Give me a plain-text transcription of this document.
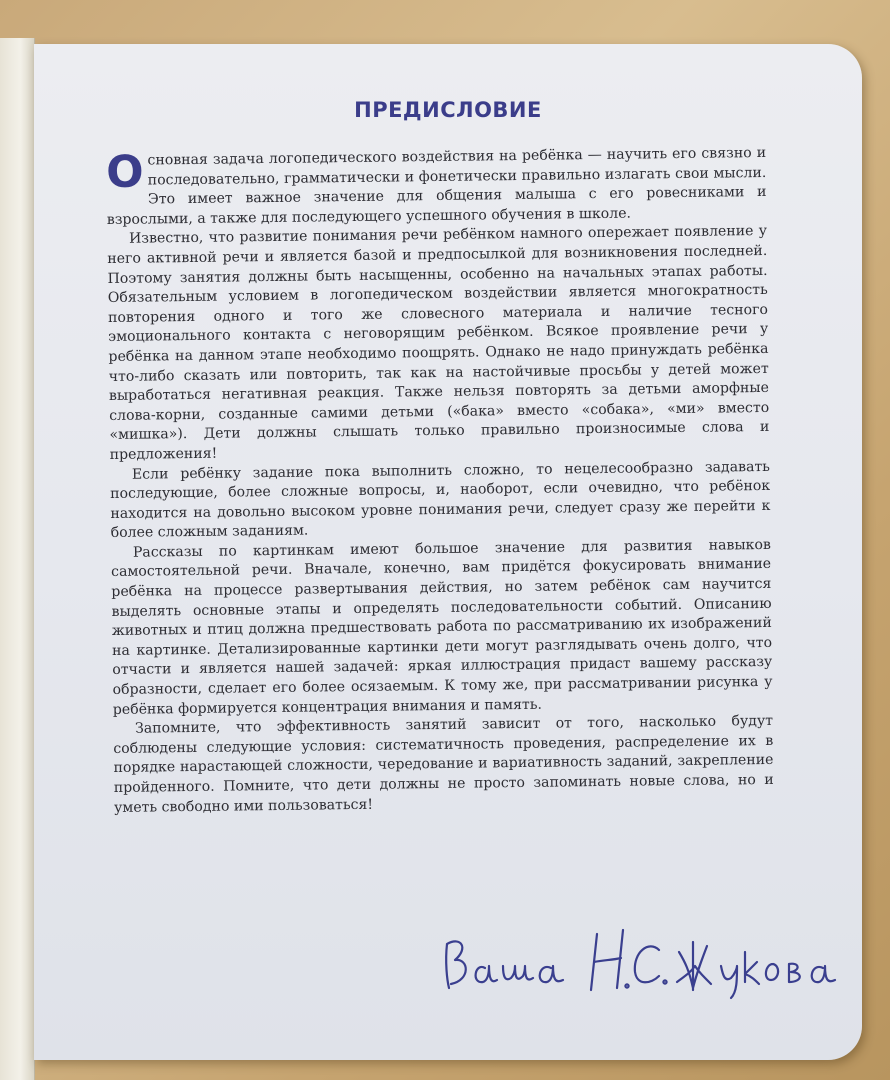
ПРЕДИСЛОВИЕ

Основная задача логопедического воздействия на ребёнка — научить его связно и последовательно, грамматически и фонетически правильно излагать свои мысли. Это имеет важное значение для общения малыша с его ровесниками и взрослыми, а также для последующего успешного обучения в школе.

Известно, что развитие понимания речи ребёнком намного опережает появление у него активной речи и является базой и предпосылкой для возникновения последней. Поэтому занятия должны быть насыщенны, особенно на начальных этапах работы. Обязательным условием в логопедическом воздействии является многократность повторения одного и того же словесного материала и наличие тесного эмоционального контакта с неговорящим ребёнком. Всякое проявление речи у ребёнка на данном этапе необходимо поощрять. Однако не надо принуждать ребёнка что-либо сказать или повторить, так как на настойчивые просьбы у детей может выработаться негативная реакция. Также нельзя повторять за детьми аморфные слова-корни, созданные самими детьми («бака» вместо «собака», «ми» вместо «мишка»). Дети должны слышать только правильно произносимые слова и предложения!

Если ребёнку задание пока выполнить сложно, то нецелесообразно задавать последующие, более сложные вопросы, и, наоборот, если очевидно, что ребёнок находится на довольно высоком уровне понимания речи, следует сразу же перейти к более сложным заданиям.

Рассказы по картинкам имеют большое значение для развития навыков самостоятельной речи. Вначале, конечно, вам придётся фокусировать внимание ребёнка на процессе развертывания действия, но затем ребёнок сам научится выделять основные этапы и определять последовательности событий. Описанию животных и птиц должна предшествовать работа по рассматриванию их изображений на картинке. Детализированные картинки дети могут разглядывать очень долго, что отчасти и является нашей задачей: яркая иллюстрация придаст вашему рассказу образности, сделает его более осязаемым. К тому же, при рассматривании рисунка у ребёнка формируется концентрация внимания и память.

Запомните, что эффективность занятий зависит от того, насколько будут соблюдены следующие условия: систематичность проведения, распределение их в порядке нарастающей сложности, чередование и вариативность заданий, закрепление пройденного. Помните, что дети должны не просто запоминать новые слова, но и уметь свободно ими пользоваться!
